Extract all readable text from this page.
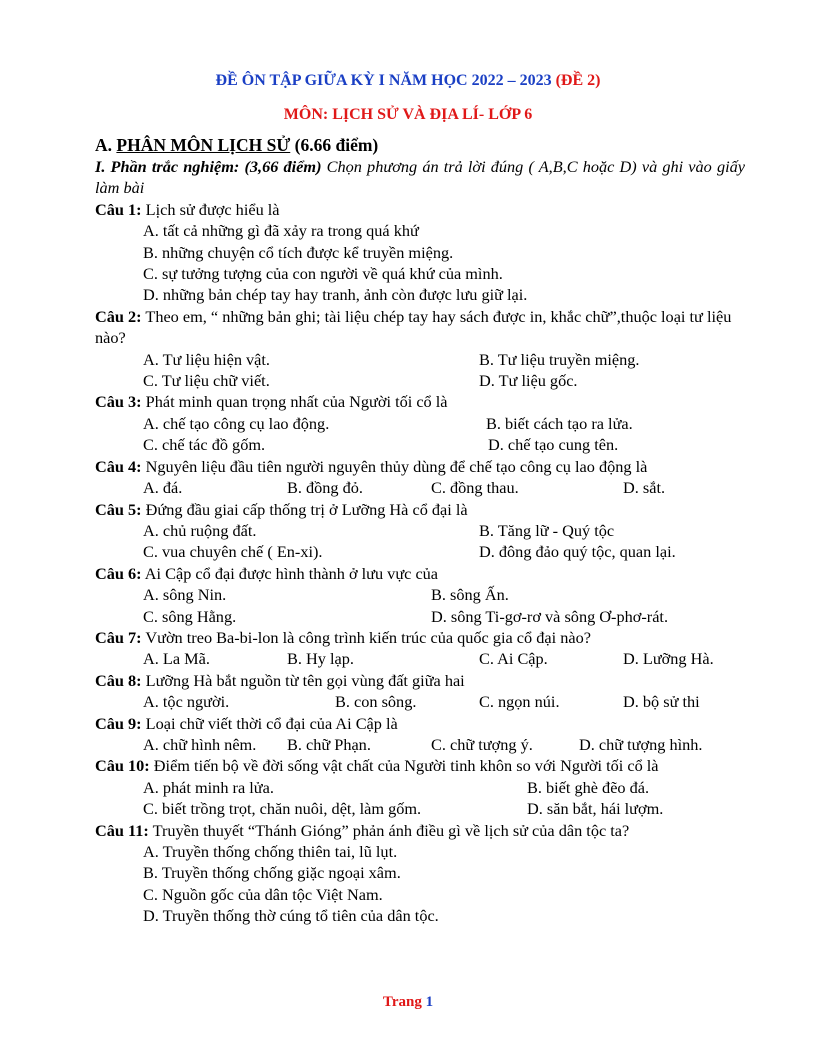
ĐỀ ÔN TẬP GIỮA KỲ I NĂM HỌC 2022 – 2023 (ĐỀ 2)
MÔN: LỊCH SỬ VÀ ĐỊA LÍ- LỚP 6
A. PHÂN MÔN LỊCH SỬ (6.66 điểm)
I. Phần trắc nghiệm: (3,66 điểm) Chọn phương án trả lời đúng ( A,B,C hoặc D) và ghi vào giấy làm bài
Câu 1: Lịch sử được hiểu là
A. tất cả những gì đã xảy ra trong quá khứ
B. những chuyện cổ tích được kể truyền miệng.
C. sự tưởng tượng của con người về quá khứ của mình.
D. những bản chép tay hay tranh, ảnh còn được lưu giữ lại.
Câu 2: Theo em, “ những bản ghi; tài liệu chép tay hay sách được in, khắc chữ”,thuộc loại tư liệu nào?
A. Tư liệu hiện vật.	B. Tư liệu truyền miệng.
C. Tư liệu chữ viết.	D. Tư liệu gốc.
Câu 3: Phát minh quan trọng nhất của Người tối cổ là
A. chế tạo công cụ lao động.	B. biết cách tạo ra lửa.
C. chế tác đồ gốm.	D. chế tạo cung tên.
Câu 4: Nguyên liệu đầu tiên người nguyên thủy dùng để chế tạo công cụ lao động là
A. đá.	B. đồng đỏ.	C. đồng thau.	D. sắt.
Câu 5: Đứng đầu giai cấp thống trị ở Lưỡng Hà cổ đại là
A. chủ ruộng đất.	B. Tăng lữ - Quý tộc
C. vua chuyên chế ( En-xi).	D. đông đảo quý tộc, quan lại.
Câu 6: Ai Cập cổ đại được hình thành ở lưu vực của
A. sông Nin.	B. sông Ấn.
C. sông Hằng.	D. sông Ti-gơ-rơ và sông Ơ-phơ-rát.
Câu 7: Vườn treo Ba-bi-lon là công trình kiến trúc của quốc gia cổ đại nào?
A. La Mã.	B. Hy lạp.	C. Ai Cập.	D. Lưỡng Hà.
Câu 8: Lưỡng Hà bắt nguồn từ tên gọi vùng đất giữa hai
A. tộc người.	B. con sông.	C. ngọn núi.	D. bộ sử thi
Câu 9: Loại chữ viết thời cổ đại của Ai Cập là
A. chữ hình nêm.	B. chữ Phạn.	C. chữ tượng ý.	D. chữ tượng hình.
Câu 10: Điểm tiến bộ về đời sống vật chất của Người tinh khôn so với Người tối cổ là
A. phát minh ra lửa.	B. biết ghè đẽo đá.
C. biết trồng trọt, chăn nuôi, dệt, làm gốm.	D. săn bắt, hái lượm.
Câu 11: Truyền thuyết “Thánh Gióng” phản ánh điều gì về lịch sử của dân tộc ta?
A. Truyền thống chống thiên tai, lũ lụt.
B. Truyền thống chống giặc ngoại xâm.
C. Nguồn gốc của dân tộc Việt Nam.
D. Truyền thống thờ cúng tổ tiên của dân tộc.
Trang 1
